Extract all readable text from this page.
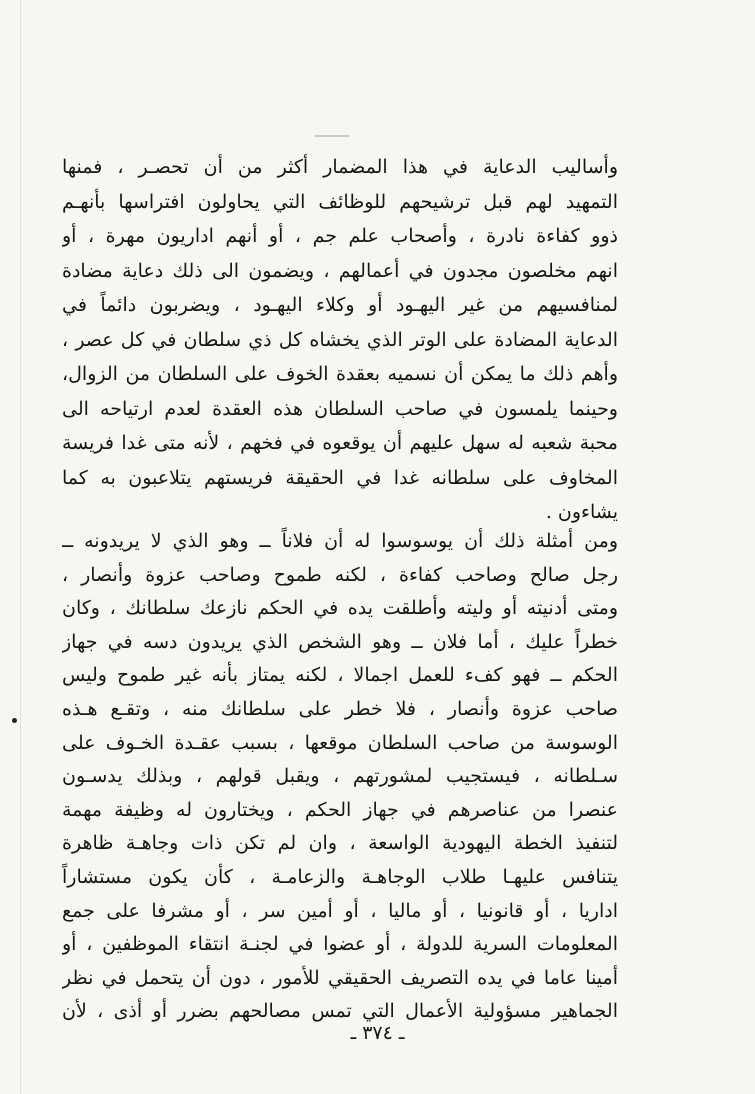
وأساليب الدعاية في هذا المضمار أكثر من أن تحصـر ، فمنها
التمهيد لهم قبل ترشيحهم للوظائف التي يحاولون افتراسها بأنهـم
ذوو كفاءة نادرة ، وأصحاب علم جم ، أو أنهم اداريون مهرة ، أو
انهم مخلصون مجدون في أعمالهم ، ويضمون الى ذلك دعاية مضادة
لمنافسيهم من غير اليهـود أو وكلاء اليهـود ، ويضربون دائماً في
الدعاية المضادة على الوتر الذي يخشاه كل ذي سلطان في كل عصر ،
وأهم ذلك ما يمكن أن نسميه بعقدة الخوف على السلطان من الزوال،
وحينما يلمسون في صاحب السلطان هذه العقدة لعدم ارتياحه الى
محبة شعبه له سهل عليهم أن يوقعوه في فخهم ، لأنه متى غدا فريسة
المخاوف على سلطانه غدا في الحقيقة فريستهم يتلاعبون به كما
يشاءون .
ومن أمثلة ذلك أن يوسوسوا له أن فلاناً ــ وهو الذي لا يريدونه ــ
رجل صالح وصاحب كفاءة ، لكنه طموح وصاحب عزوة وأنصار ،
ومتى أدنيته أو وليته وأطلقت يده في الحكم نازعك سلطانك ، وكان
خطراً عليك ، أما فلان ــ وهو الشخص الذي يريدون دسه في جهاز
الحكم ــ فهو كفء للعمل اجمالا ، لكنه يمتاز بأنه غير طموح وليس
صاحب عزوة وأنصار ، فلا خطر على سلطانك منه ، وتقـع هـذه
الوسوسة من صاحب السلطان موقعها ، بسبب عقـدة الخـوف على
سـلطانه ، فيستجيب لمشورتهم ، ويقبل قولهم ، وبذلك يدسـون
عنصرا من عناصرهم في جهاز الحكم ، ويختارون له وظيفة مهمة
لتنفيذ الخطة اليهودية الواسعة ، وان لم تكن ذات وجاهـة ظاهرة
يتنافس عليهـا طلاب الوجاهـة والزعامـة ، كأن يكون مستشاراً
اداريا ، أو قانونيا ، أو ماليا ، أو أمين سر ، أو مشرفا على جمع
المعلومات السرية للدولة ، أو عضوا في لجنـة انتقاء الموظفين ، أو
أمينا عاما في يده التصريف الحقيقي للأمور ، دون أن يتحمل في نظر
الجماهير مسؤولية الأعمال التي تمس مصالحهم بضرر أو أذى ، لأن
ـ ٣٧٤ ـ
